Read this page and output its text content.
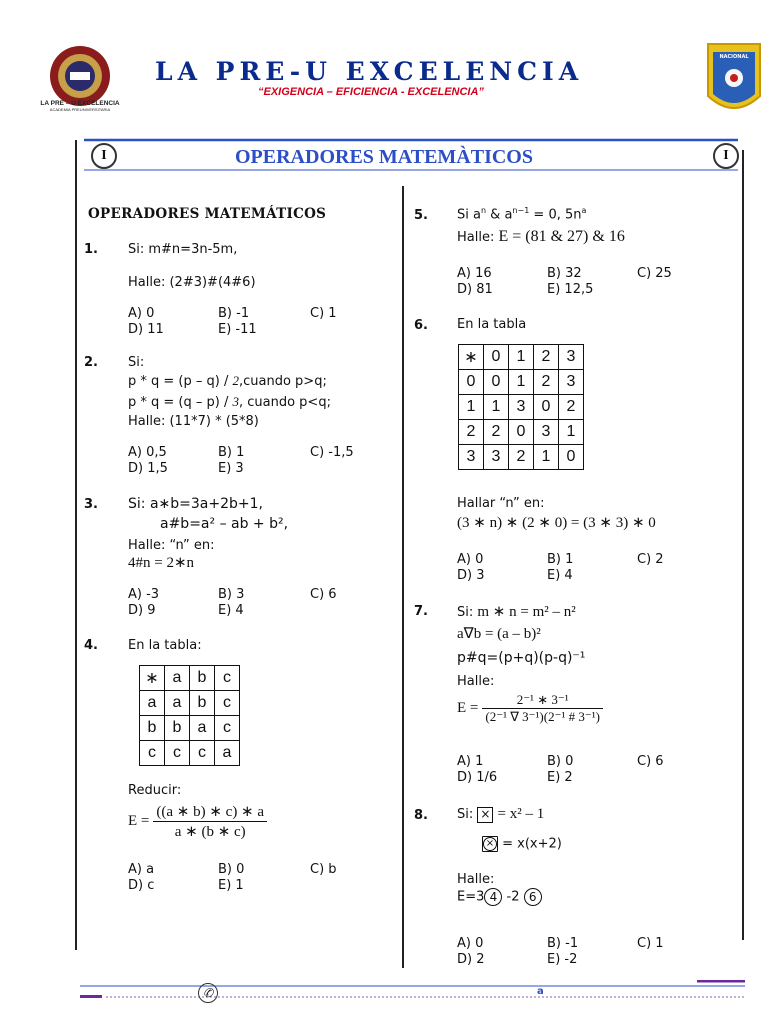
LA PRE – U EXCELENCIA
ACADEMIA PREUNIVERSITARIA
LA PRE-U EXCELENCIA
“EXIGENCIA – EFICIENCIA - EXCELENCIA”
NACIONAL
OPERADORES MATEMÀTICOS
I	I
OPERADORES MATEMÁTICOS
1. Si: m#n=3n-5m,
Halle: (2#3)#(4#6)
A) 0	B) -1	C) 1
D) 11	E) -11
2. Si:
p * q = (p – q) / 2,cuando p>q;
p * q = (q – p) / 3, cuando p<q;
Halle: (11*7) * (5*8)
A) 0,5	B) 1	C) -1,5
D) 1,5	E) 3
3. Si: a∗b=3a+2b+1,
a#b=a² – ab + b²,
Halle: “n” en:
4#n = 2∗n
A) -3	B) 3	C) 6
D) 9	E) 4
4. En la tabla:
∗	a	b	c
a	a	b	c
b	b	a	c
c	c	c	a
Reducir:
$E = \frac{((a ∗ b) ∗ c) ∗ a}{a ∗ (b ∗ c)}$
A) a	B) 0	C) b
D) c	E) 1
5. Si $a^n$ & $a^{n-1} = 0$, $5n^a$
Halle: E = (81 & 27) & 16
A) 16	B) 32	C) 25
D) 81	E) 12,5
6. En la tabla
∗	0	1	2	3
0	0	1	2	3
1	1	3	0	2
2	2	0	3	1
3	3	2	1	0
Hallar “n” en:
(3 ∗ n) ∗ (2 ∗ 0) = (3 ∗ 3) ∗ 0
A) 0	B) 1	C) 2
D) 3	E) 4
7. Si: m ∗ n = m² – n²
a∇b = (a – b)²
p#q=(p+q)(p-q)⁻¹
Halle:
$E = \frac{\text{2⁻¹ ∗ 3⁻¹}}{\text{(2⁻¹ ∇ 3⁻¹)(2⁻¹ \# 3⁻¹)}}$
A) 1	B) 0	C) 6
D) 1/6	E) 2
8. Si: × = x² – 1
× = x(x+2)
Halle:
E=3 4 -2 6
A) 0	B) -1	C) 1
D) 2	E) -2
✆	a
